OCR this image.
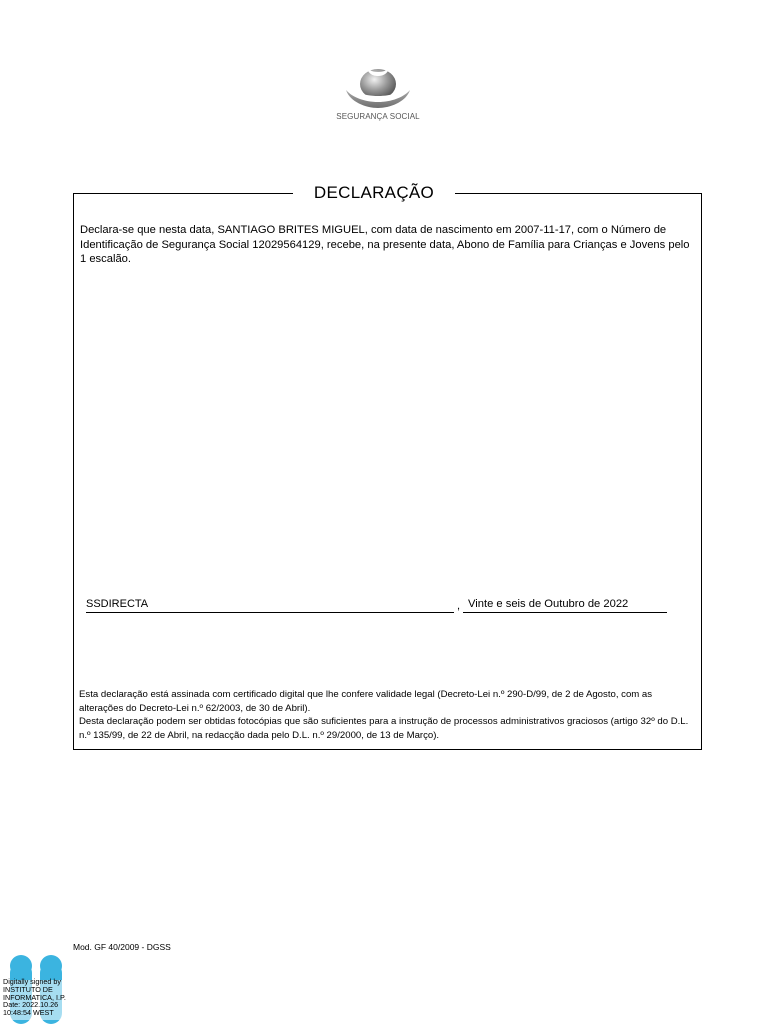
SEGURANÇA SOCIAL
DECLARAÇÃO
Declara-se que nesta data, SANTIAGO BRITES MIGUEL, com data de nascimento em 2007-11-17, com o Número de Identificação de Segurança Social 12029564129, recebe, na presente data, Abono de Família para Crianças e Jovens pelo 1 escalão.
SSDIRECTA	, Vinte e seis de Outubro de 2022

Esta declaração está assinada com certificado digital que lhe confere validade legal (Decreto-Lei n.º 290-D/99, de 2 de Agosto, com as alterações do Decreto-Lei n.º 62/2003, de 30 de Abril).

Desta declaração podem ser obtidas fotocópias que são suficientes para a instrução de processos administrativos graciosos (artigo 32º do D.L. n.º 135/99, de 22 de Abril, na redacção dada pelo D.L. n.º 29/2000, de 13 de Março).

Mod. GF 40/2009 - DGSS
Digitally signed by
INSTITUTO DE
INFORMATICA, I.P.
Date: 2022.10.26
10:48:54 WEST
